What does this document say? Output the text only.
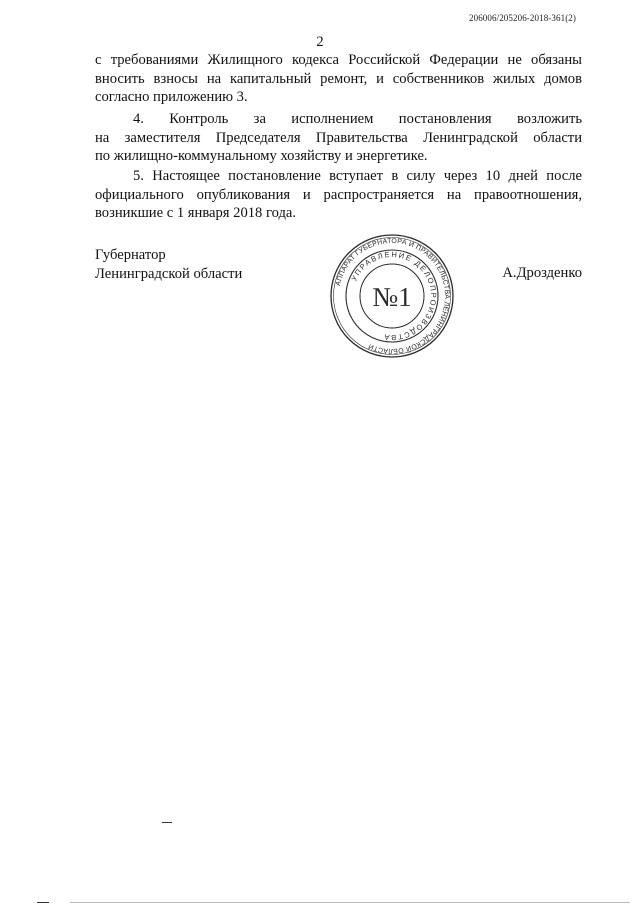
206006/205206-2018-361(2)
2
с требованиями Жилищного кодекса Российской Федерации не обязаны
вносить взносы на капитальный ремонт, и собственников жилых домов
согласно приложению 3.
4. Контроль за исполнением постановления возложить
на заместителя Председателя Правительства Ленинградской области
по жилищно-коммунальному хозяйству и энергетике.
5. Настоящее постановление вступает в силу через 10 дней после
официального опубликования и распространяется на правоотношения,
возникшие с 1 января 2018 года.
Губернатор
Ленинградской области
АППАРАТ ГУБЕРНАТОРА И ПРАВИТЕЛЬСТВА ЛЕНИНГРАДСКОЙ ОБЛАСТИ
УПРАВЛЕНИЕ ДЕЛОПРОИЗВОДСТВА
№1
А.Дрозденко
